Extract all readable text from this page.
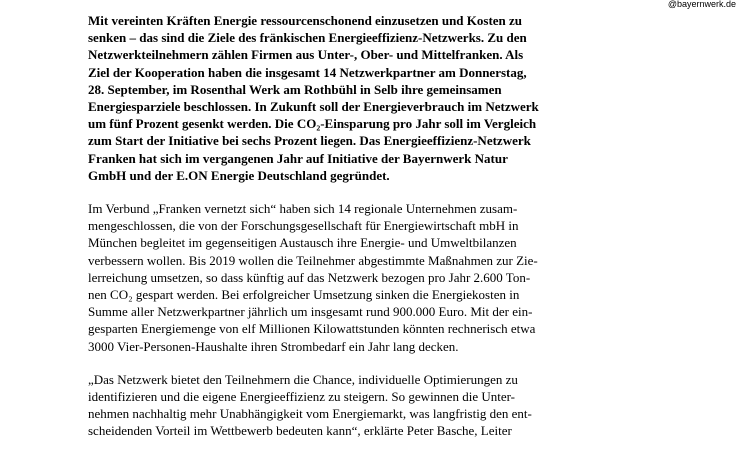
@bayernwerk.de

Mit vereinten Kräften Energie ressourcenschonend einzusetzen und Kosten zu
senken – das sind die Ziele des fränkischen Energieeffizienz-Netzwerks. Zu den
Netzwerkteilnehmern zählen Firmen aus Unter-, Ober- und Mittelfranken. Als
Ziel der Kooperation haben die insgesamt 14 Netzwerkpartner am Donnerstag,
28. September, im Rosenthal Werk am Rothbühl in Selb ihre gemeinsamen
Energiesparziele beschlossen. In Zukunft soll der Energieverbrauch im Netzwerk
um fünf Prozent gesenkt werden. Die CO₂-Einsparung pro Jahr soll im Vergleich
zum Start der Initiative bei sechs Prozent liegen. Das Energieeffizienz-Netzwerk
Franken hat sich im vergangenen Jahr auf Initiative der Bayernwerk Natur
GmbH und der E.ON Energie Deutschland gegründet.

Im Verbund „Franken vernetzt sich“ haben sich 14 regionale Unternehmen zusam-
mengeschlossen, die von der Forschungsgesellschaft für Energiewirtschaft mbH in
München begleitet im gegenseitigen Austausch ihre Energie- und Umweltbilanzen
verbessern wollen. Bis 2019 wollen die Teilnehmer abgestimmte Maßnahmen zur Zie-
lerreichung umsetzen, so dass künftig auf das Netzwerk bezogen pro Jahr 2.600 Ton-
nen CO₂ gespart werden. Bei erfolgreicher Umsetzung sinken die Energiekosten in
Summe aller Netzwerkpartner jährlich um insgesamt rund 900.000 Euro. Mit der ein-
gesparten Energiemenge von elf Millionen Kilowattstunden könnten rechnerisch etwa
3000 Vier-Personen-Haushalte ihren Strombedarf ein Jahr lang decken.

„Das Netzwerk bietet den Teilnehmern die Chance, individuelle Optimierungen zu
identifizieren und die eigene Energieeffizienz zu steigern. So gewinnen die Unter-
nehmen nachhaltig mehr Unabhängigkeit vom Energiemarkt, was langfristig den ent-
scheidenden Vorteil im Wettbewerb bedeuten kann“, erklärte Peter Basche, Leiter
